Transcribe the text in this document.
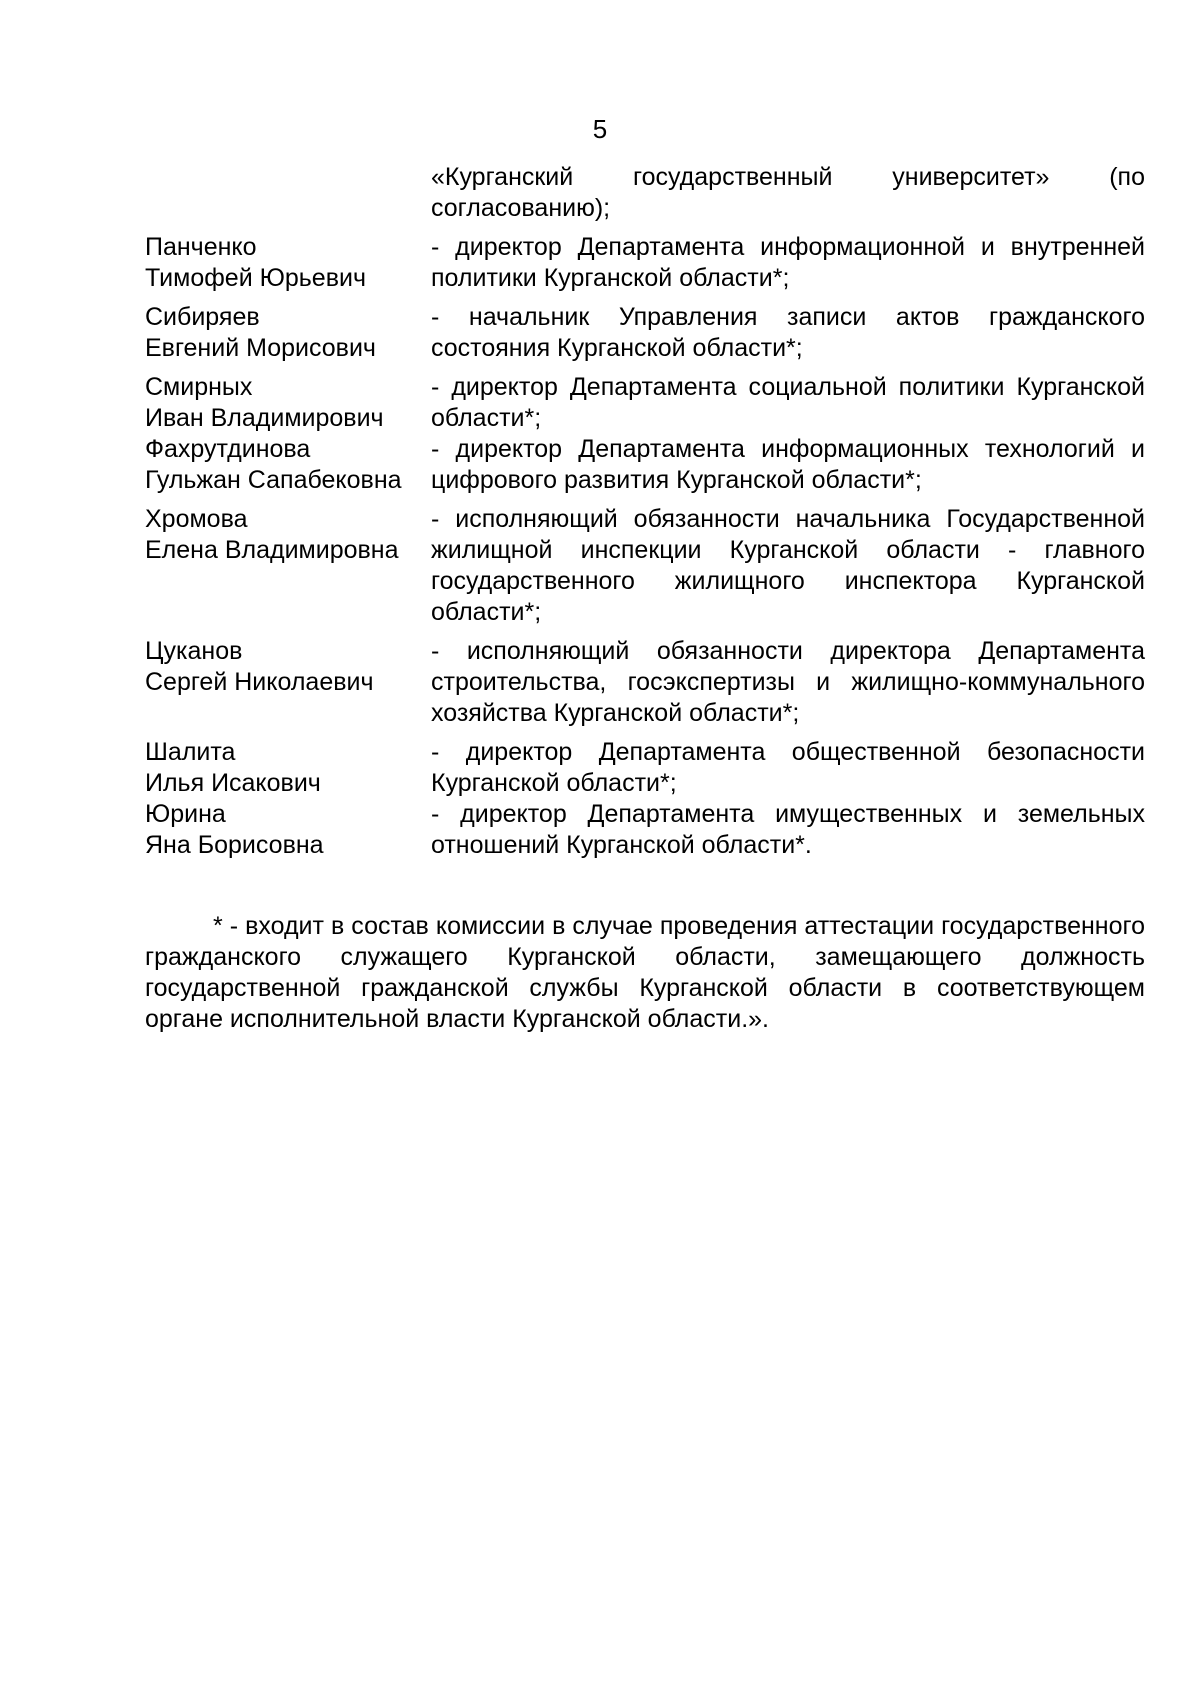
5
«Курганский государственный университет» (по согласованию);
Панченко
Тимофей Юрьевич
- директор Департамента информационной и внутренней политики Курганской области*;
Сибиряев
Евгений Морисович
- начальник Управления записи актов гражданского состояния Курганской области*;
Смирных
Иван Владимирович
- директор Департамента социальной политики Курганской области*;
Фахрутдинова
Гульжан Сапабековна
- директор Департамента информационных технологий и цифрового развития Курганской области*;
Хромова
Елена Владимировна
- исполняющий обязанности начальника Государственной жилищной инспекции Курганской области - главного государственного жилищного инспектора Курганской области*;
Цуканов
Сергей Николаевич
- исполняющий обязанности директора Департамента строительства, госэкспертизы и жилищно-коммунального хозяйства Курганской области*;
Шалита
Илья Исакович
- директор Департамента общественной безопасности Курганской области*;
Юрина
Яна Борисовна
- директор Департамента имущественных и земельных отношений Курганской области*.
* - входит в состав комиссии в случае проведения аттестации государственного гражданского служащего Курганской области, замещающего должность государственной гражданской службы Курганской области в соответствующем органе исполнительной власти Курганской области.».
